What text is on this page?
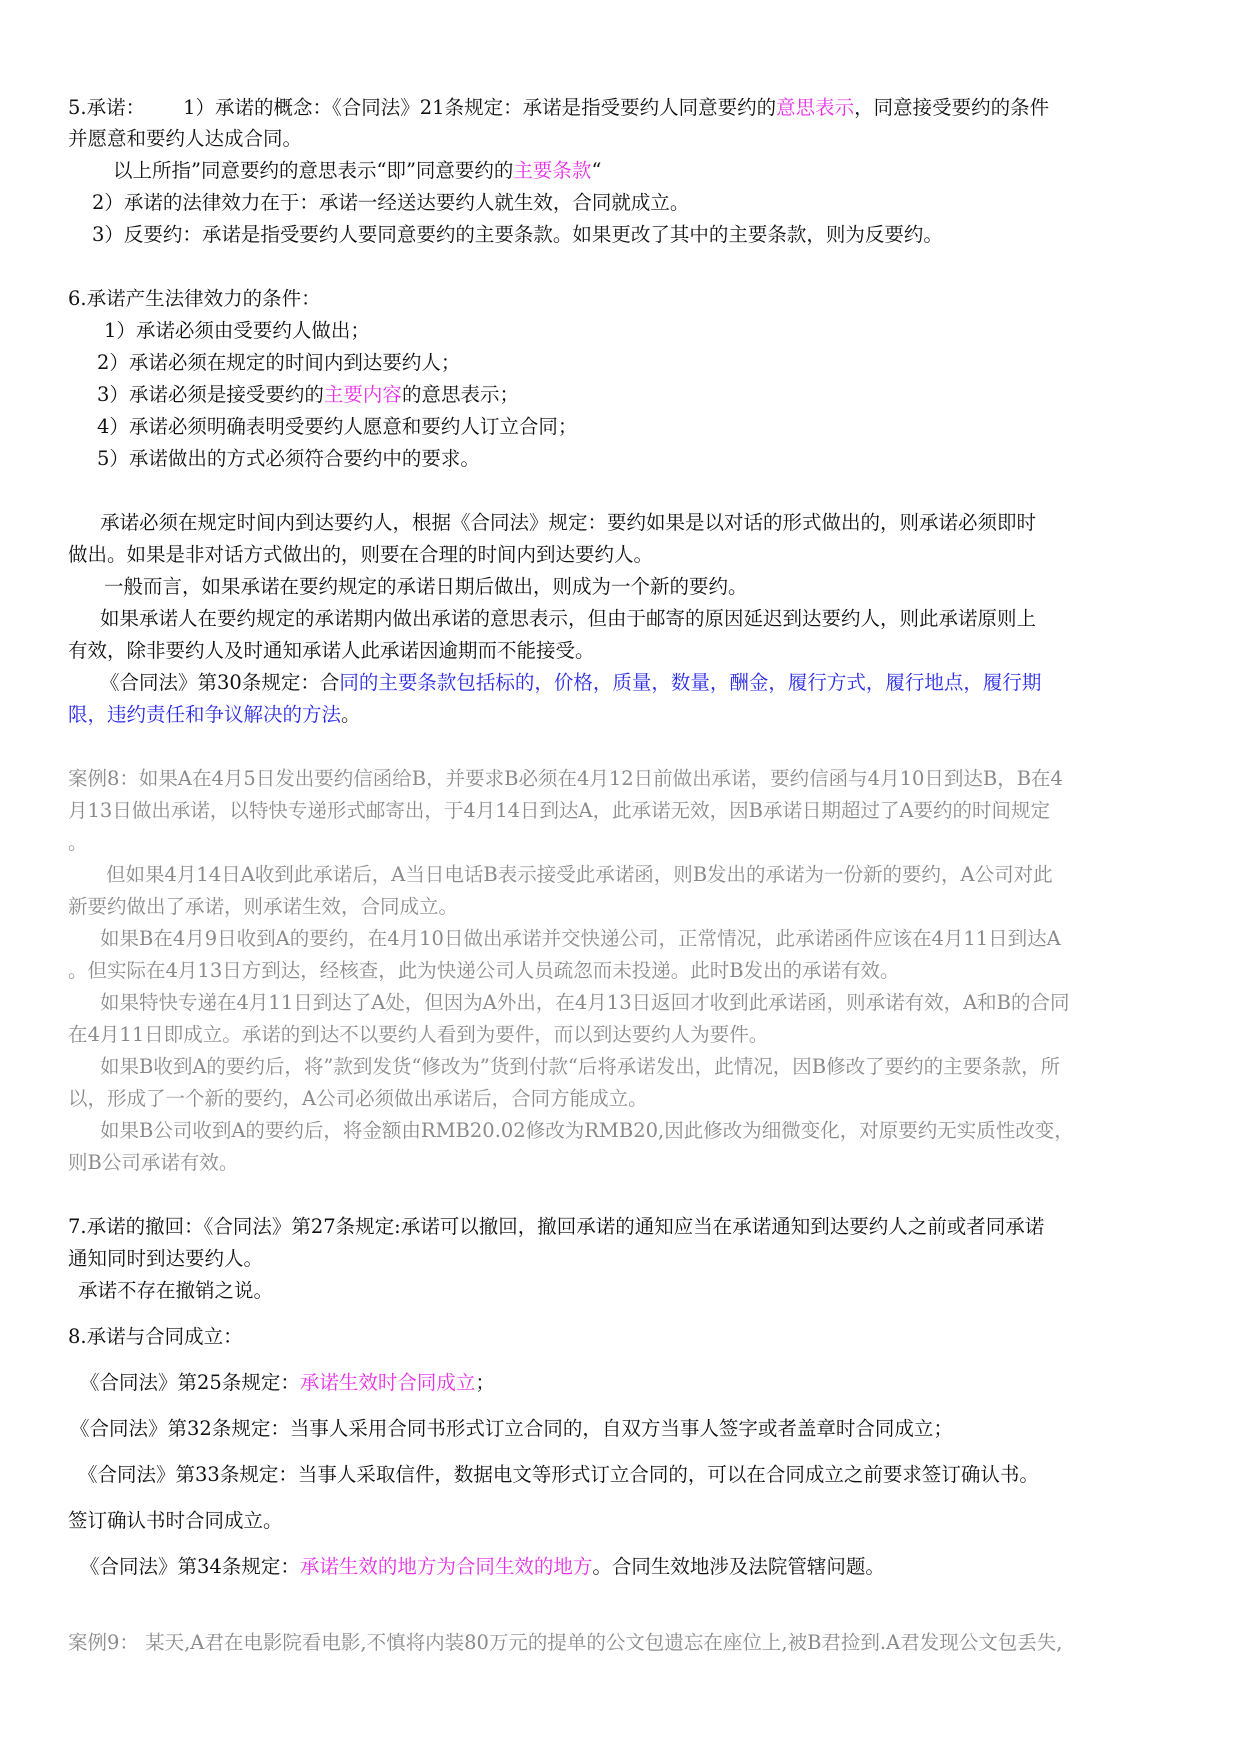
5.承诺： 1）承诺的概念：《合同法》21条规定：承诺是指受要约人同意要约的意思表示，同意接受要约的条件
并愿意和要约人达成合同。
以上所指”同意要约的意思表示“即”同意要约的主要条款“
2）承诺的法律效力在于：承诺一经送达要约人就生效，合同就成立。
3）反要约：承诺是指受要约人要同意要约的主要条款。如果更改了其中的主要条款，则为反要约。
6.承诺产生法律效力的条件：
1）承诺必须由受要约人做出；
2）承诺必须在规定的时间内到达要约人；
3）承诺必须是接受要约的主要内容的意思表示；
4）承诺必须明确表明受要约人愿意和要约人订立合同；
5）承诺做出的方式必须符合要约中的要求。
承诺必须在规定时间内到达要约人，根据《合同法》规定：要约如果是以对话的形式做出的，则承诺必须即时
做出。如果是非对话方式做出的，则要在合理的时间内到达要约人。
一般而言，如果承诺在要约规定的承诺日期后做出，则成为一个新的要约。
如果承诺人在要约规定的承诺期内做出承诺的意思表示，但由于邮寄的原因延迟到达要约人，则此承诺原则上
有效，除非要约人及时通知承诺人此承诺因逾期而不能接受。
《合同法》第30条规定：合同的主要条款包括标的，价格，质量，数量，酬金，履行方式，履行地点，履行期
限，违约责任和争议解决的方法。
案例8：如果A在4月5日发出要约信函给B，并要求B必须在4月12日前做出承诺，要约信函与4月10日到达B，B在4
月13日做出承诺，以特快专递形式邮寄出，于4月14日到达A，此承诺无效，因B承诺日期超过了A要约的时间规定
。
但如果4月14日A收到此承诺后，A当日电话B表示接受此承诺函，则B发出的承诺为一份新的要约，A公司对此
新要约做出了承诺，则承诺生效，合同成立。
如果B在4月9日收到A的要约，在4月10日做出承诺并交快递公司，正常情况，此承诺函件应该在4月11日到达A
。但实际在4月13日方到达，经核查，此为快递公司人员疏忽而未投递。此时B发出的承诺有效。
如果特快专递在4月11日到达了A处，但因为A外出，在4月13日返回才收到此承诺函，则承诺有效，A和B的合同
在4月11日即成立。承诺的到达不以要约人看到为要件，而以到达要约人为要件。
如果B收到A的要约后，将”款到发货“修改为”货到付款“后将承诺发出，此情况，因B修改了要约的主要条款，所
以，形成了一个新的要约，A公司必须做出承诺后，合同方能成立。
如果B公司收到A的要约后，将金额由RMB20.02修改为RMB20,因此修改为细微变化，对原要约无实质性改变，
则B公司承诺有效。
7.承诺的撤回：《合同法》第27条规定:承诺可以撤回，撤回承诺的通知应当在承诺通知到达要约人之前或者同承诺
通知同时到达要约人。
承诺不存在撤销之说。
8.承诺与合同成立：
《合同法》第25条规定：承诺生效时合同成立；
《合同法》第32条规定：当事人采用合同书形式订立合同的，自双方当事人签字或者盖章时合同成立；
《合同法》第33条规定：当事人采取信件，数据电文等形式订立合同的，可以在合同成立之前要求签订确认书。
签订确认书时合同成立。
《合同法》第34条规定：承诺生效的地方为合同生效的地方。合同生效地涉及法院管辖问题。
案例9： 某天,A君在电影院看电影,不慎将内装80万元的提单的公文包遗忘在座位上,被B君捡到.A君发现公文包丢失,
